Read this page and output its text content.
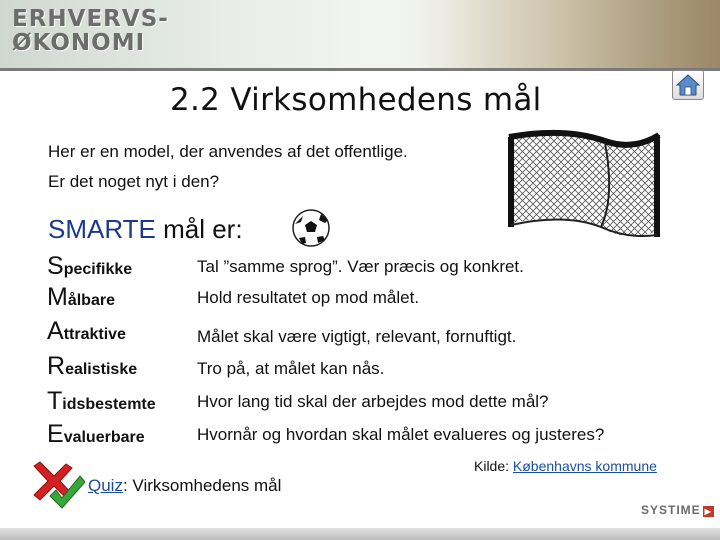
ERHVERVS-
ØKONOMI
2.2 Virksomhedens mål
Her er en model, der anvendes af det offentlige.
Er det noget nyt i den?
SMARTE mål er:
Specifikke	Tal ”samme sprog”. Vær præcis og konkret.
Målbare	Hold resultatet op mod målet.
Attraktive	Målet skal være vigtigt, relevant, fornuftigt.
Realistiske	Tro på, at målet kan nås.
Tidsbestemte Hvor lang tid skal der arbejdes mod dette mål?
Evaluerbare	Hvornår og hvordan skal målet evalueres og justeres?
Quiz: Virksomhedens mål
Kilde: Københavns kommune
SYSTIME ▶
